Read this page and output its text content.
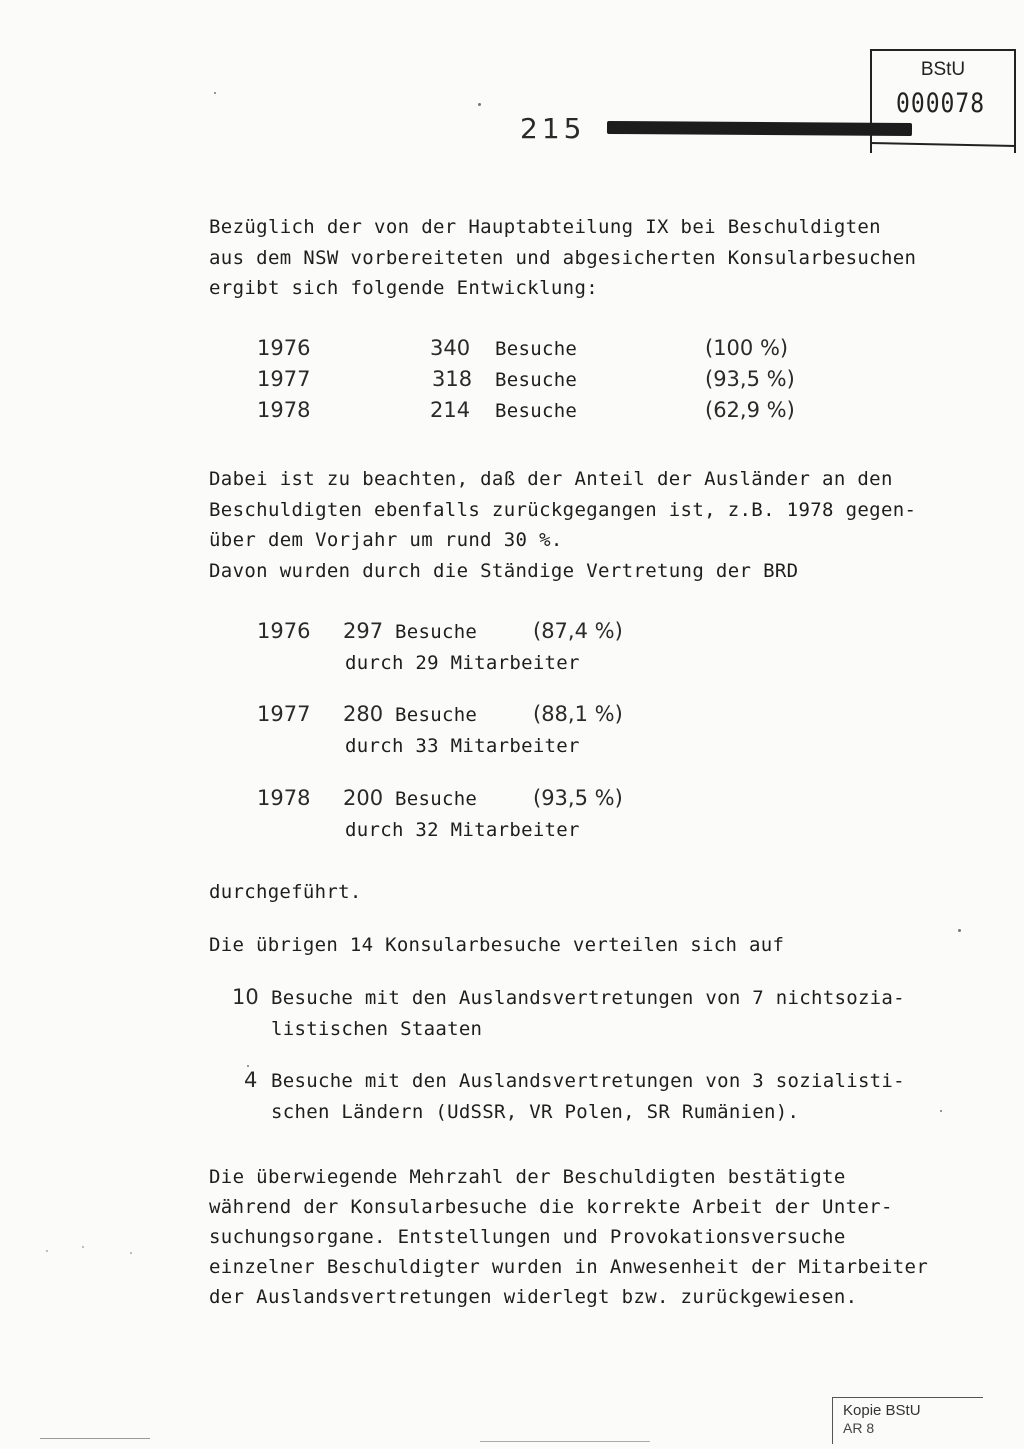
BStU
000078
215
Bezüglich der von der Hauptabteilung IX bei Beschuldigten
aus dem NSW vorbereiteten und abgesicherten Konsularbesuchen
ergibt sich folgende Entwicklung:
1976	340 Besuche	(100 %)
1977	318 Besuche	(93,5 %)
1978	214 Besuche	(62,9 %)
Dabei ist zu beachten, daß der Anteil der Ausländer an den
Beschuldigten ebenfalls zurückgegangen ist, z.B. 1978 gegen-
über dem Vorjahr um rund 30 %.
Davon wurden durch die Ständige Vertretung der BRD
1976 297 Besuche	(87,4 %)
durch 29 Mitarbeiter
1977 280 Besuche	(88,1 %)
durch 33 Mitarbeiter
1978 200 Besuche	(93,5 %)
durch 32 Mitarbeiter
durchgeführt.
Die übrigen 14 Konsularbesuche verteilen sich auf
10 Besuche mit den Auslandsvertretungen von 7 nichtsozia-
listischen Staaten
4 Besuche mit den Auslandsvertretungen von 3 sozialisti-
schen Ländern (UdSSR, VR Polen, SR Rumänien).
Die überwiegende Mehrzahl der Beschuldigten bestätigte
während der Konsularbesuche die korrekte Arbeit der Unter-
suchungsorgane. Entstellungen und Provokationsversuche
einzelner Beschuldigter wurden in Anwesenheit der Mitarbeiter
der Auslandsvertretungen widerlegt bzw. zurückgewiesen.
Kopie BStU
AR 8
